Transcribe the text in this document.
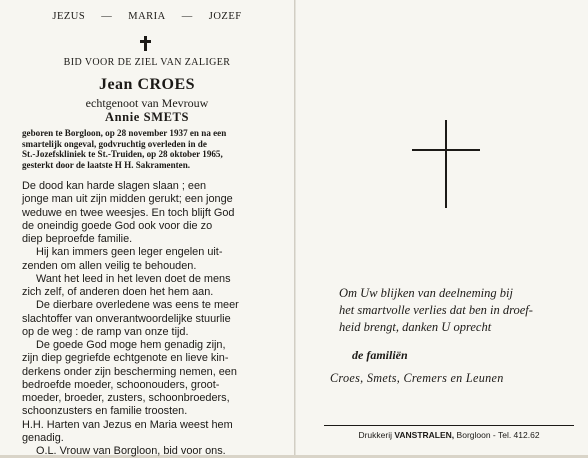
JEZUS — MARIA — JOZEF
BID VOOR DE ZIEL VAN ZALIGER
Jean CROES
echtgenoot van Mevrouw
Annie SMETS
geboren te Borgloon, op 28 november 1937 en na een
smartelijk ongeval, godvruchtig overleden in de
St.-Jozefskliniek te St.-Truiden, op 28 oktober 1965,
gesterkt door de laatste H H. Sakramenten.
De dood kan harde slagen slaan ; een
jonge man uit zijn midden gerukt; een jonge
weduwe en twee weesjes. En toch blijft God
de oneindig goede God ook voor die zo
diep beproefde familie.
Hij kan immers geen leger engelen uit-
zenden om allen veilig te behouden.
Want het leed in het leven doet de mens
zich zelf, of anderen doen het hem aan.
De dierbare overledene was eens te meer
slachtoffer van onverantwoordelijke stuurlie
op de weg : de ramp van onze tijd.
De goede God moge hem genadig zijn,
zijn diep gegriefde echtgenote en lieve kin-
derkens onder zijn bescherming nemen, een
bedroefde moeder, schoonouders, groot-
moeder, broeder, zusters, schoonbroeders,
schoonzusters en familie troosten.
H.H. Harten van Jezus en Maria weest hem
genadig.
O.L. Vrouw van Borgloon, bid voor ons.
Om Uw blijken van deelneming bij
het smartvolle verlies dat ben in droef-
heid brengt, danken U oprecht
de familiën
Croes, Smets, Cremers en Leunen
Drukkerij VANSTRALEN, Borgloon - Tel. 412.62
